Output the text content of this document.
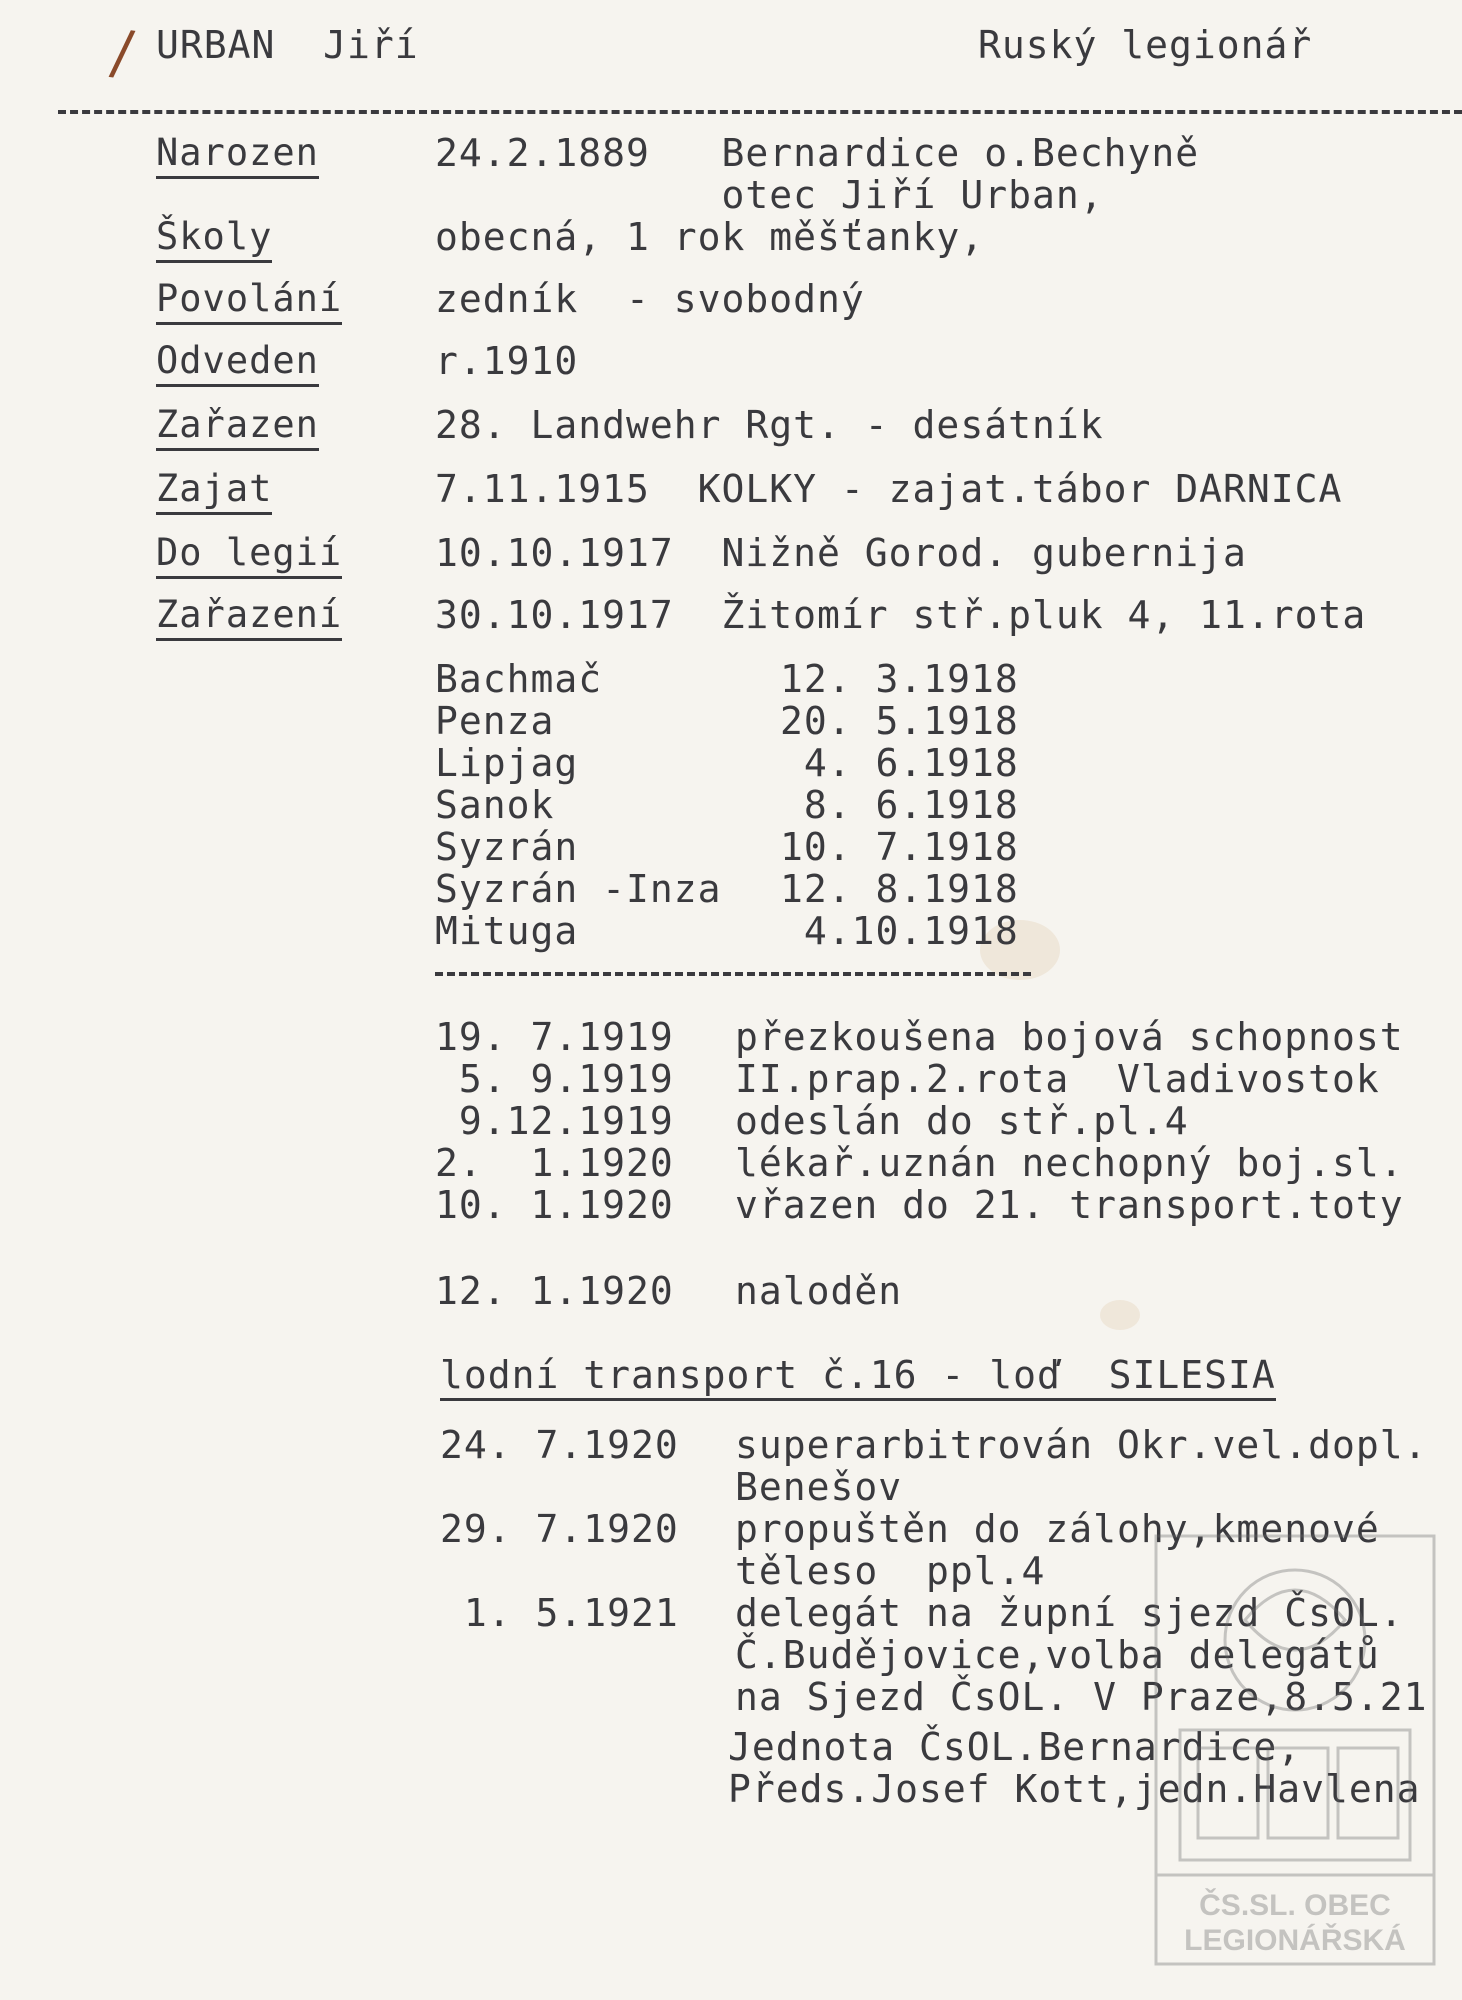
/ URBAN  Jiří	Ruský legionář
Narozen	24.2.1889   Bernardice o.Bechyně
otec Jiří Urban,
Školy	obecná, 1 rok měšťanky,
Povolání zedník  - svobodný
Odveden	r.1910
Zařazen	28. Landwehr Rgt. - desátník
Zajat	7.11.1915  KOLKY - zajat.tábor DARNICA
Do legií 10.10.1917  Nižně Gorod. gubernija
Zařazení 30.10.1917  Žitomír stř.pluk 4, 11.rota
Bachmač	12. 3.1918
Penza	20. 5.1918
Lipjag	4. 6.1918
Sanok	8. 6.1918
Syzrán	10. 7.1918
Syzrán -Inza 12. 8.1918
Mituga	4.10.1918
19. 7.1919 přezkoušena bojová schopnost
5. 9.1919 II.prap.2.rota  Vladivostok
9.12.1919 odeslán do stř.pl.4
2.  1.1920 lékař.uznán nechopný boj.sl.
10. 1.1920 vřazen do 21. transport.toty
12. 1.1920 naloděn
lodní transport č.16 - loď  SILESIA
24. 7.1920 superarbitrován Okr.vel.dopl.
Benešov
29. 7.1920 propuštěn do zálohy,kmenové
těleso  ppl.4
1. 5.1921 delegát na župní sjezd ČsOL.
Č.Budějovice,volba delegátů
na Sjezd ČsOL. V Praze,8.5.21
Jednota ČsOL.Bernardice,
Předs.Josef Kott,jedn.Havlena
ČS.SL. OBEC
LEGIONÁŘSKÁ
